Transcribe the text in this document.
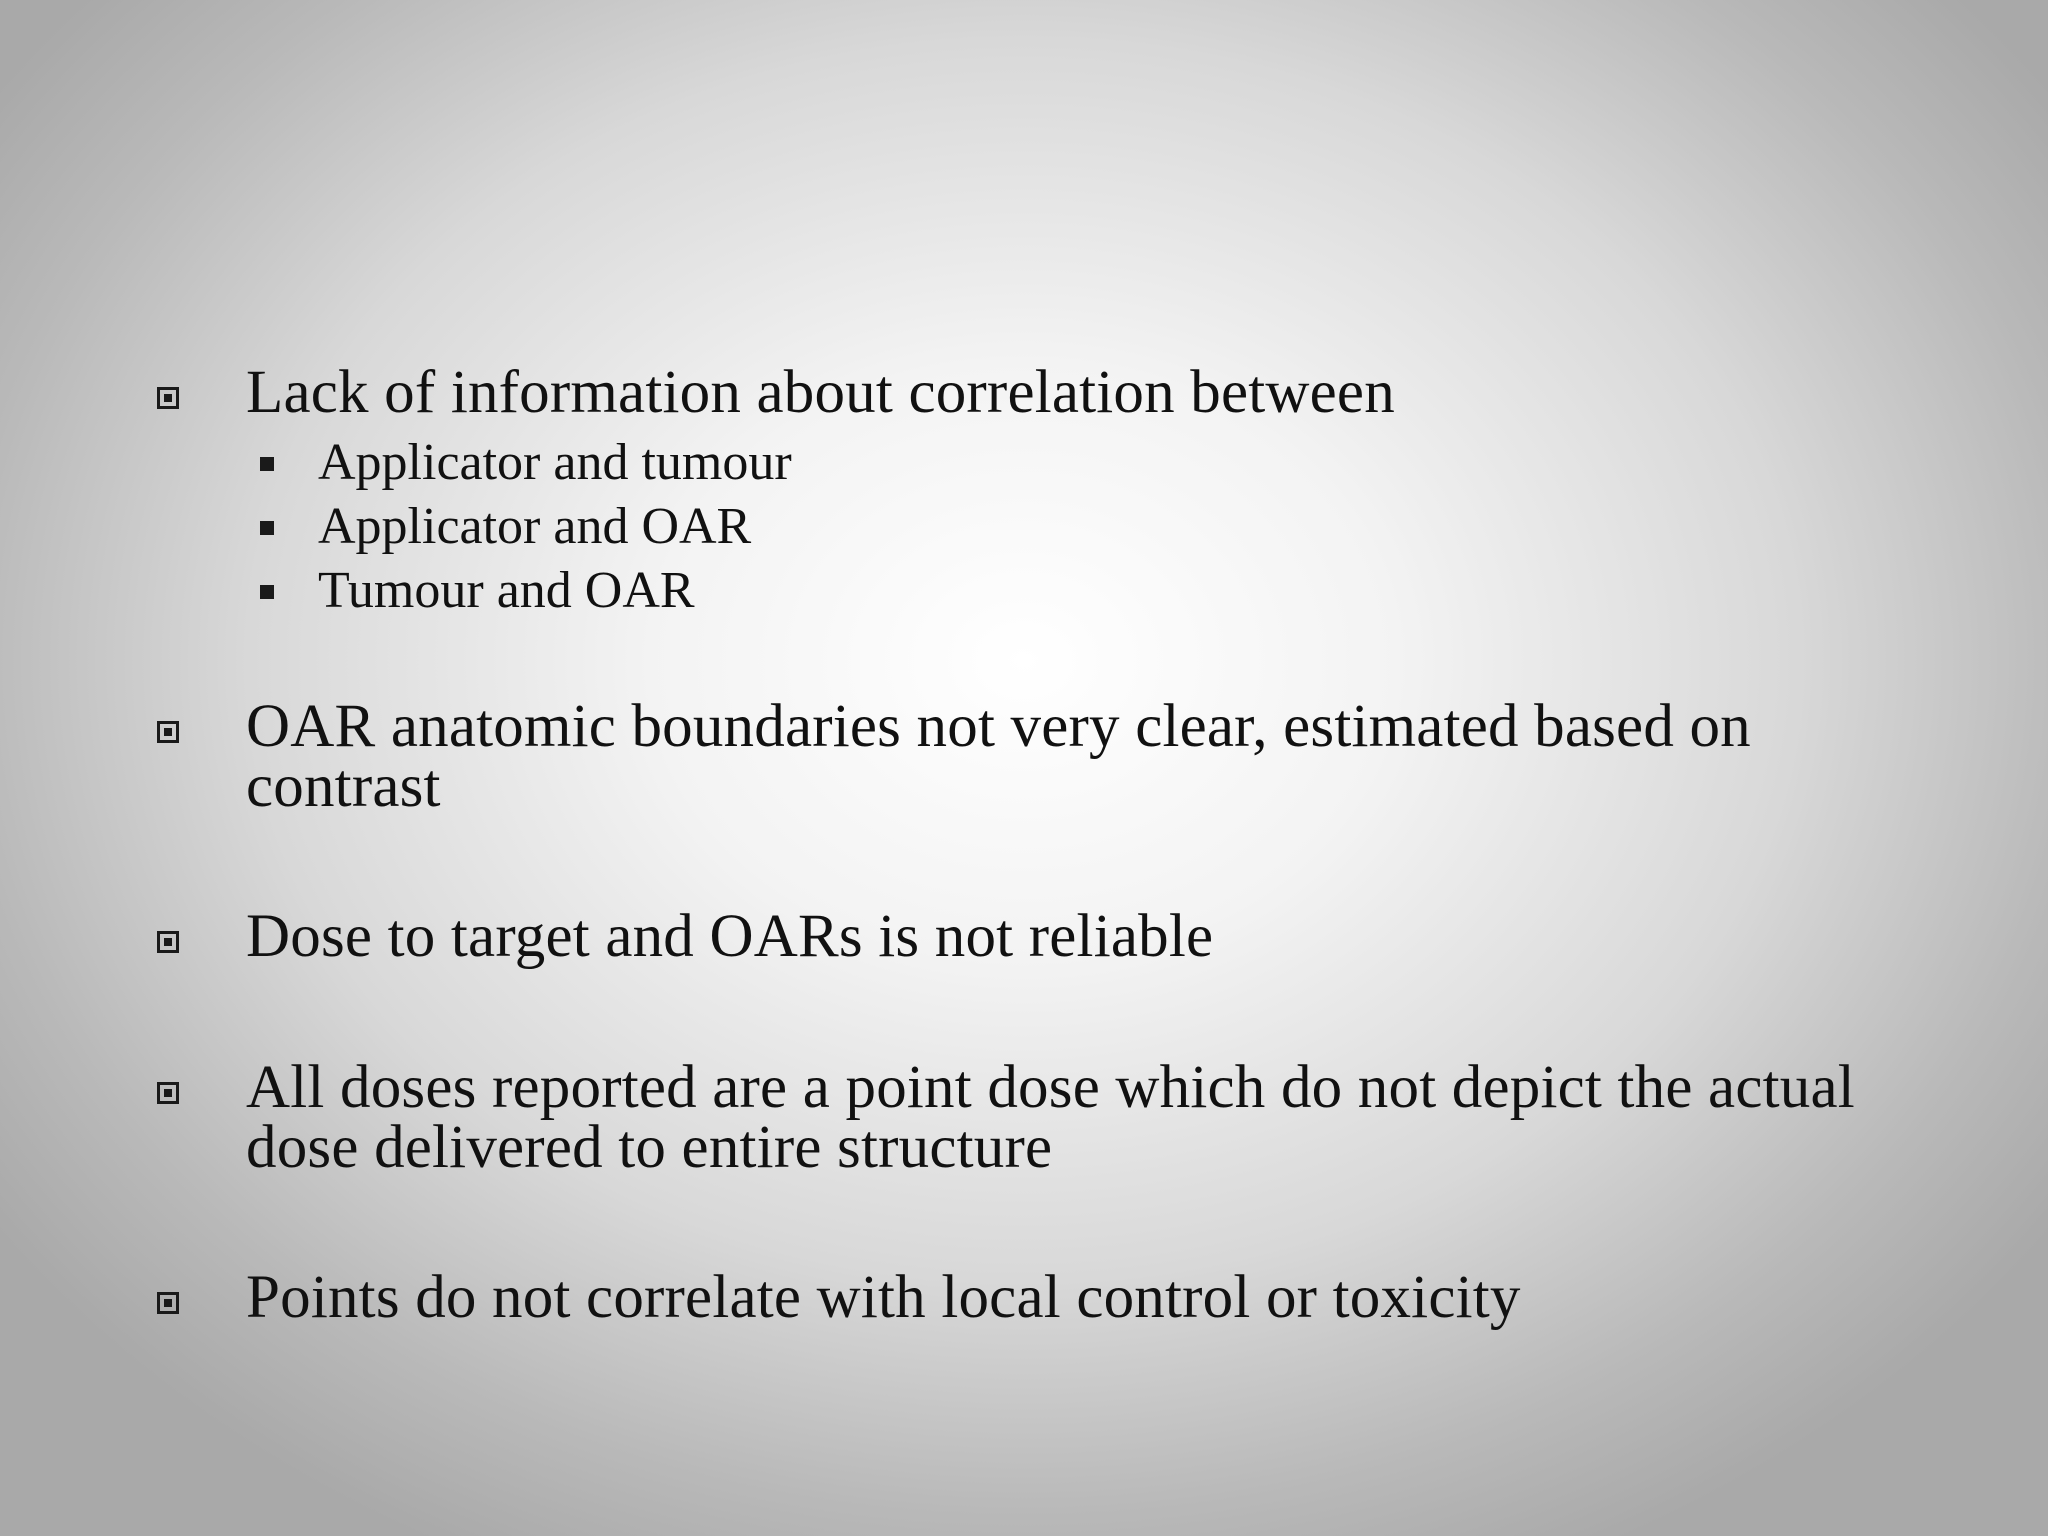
Lack of information about correlation between
Applicator and tumour
Applicator and OAR
Tumour and OAR
OAR anatomic boundaries not very clear, estimated based on contrast
Dose to target and OARs is not reliable
All doses reported are a point dose which do not depict the actual dose delivered to entire structure
Points do not correlate with local control or toxicity
